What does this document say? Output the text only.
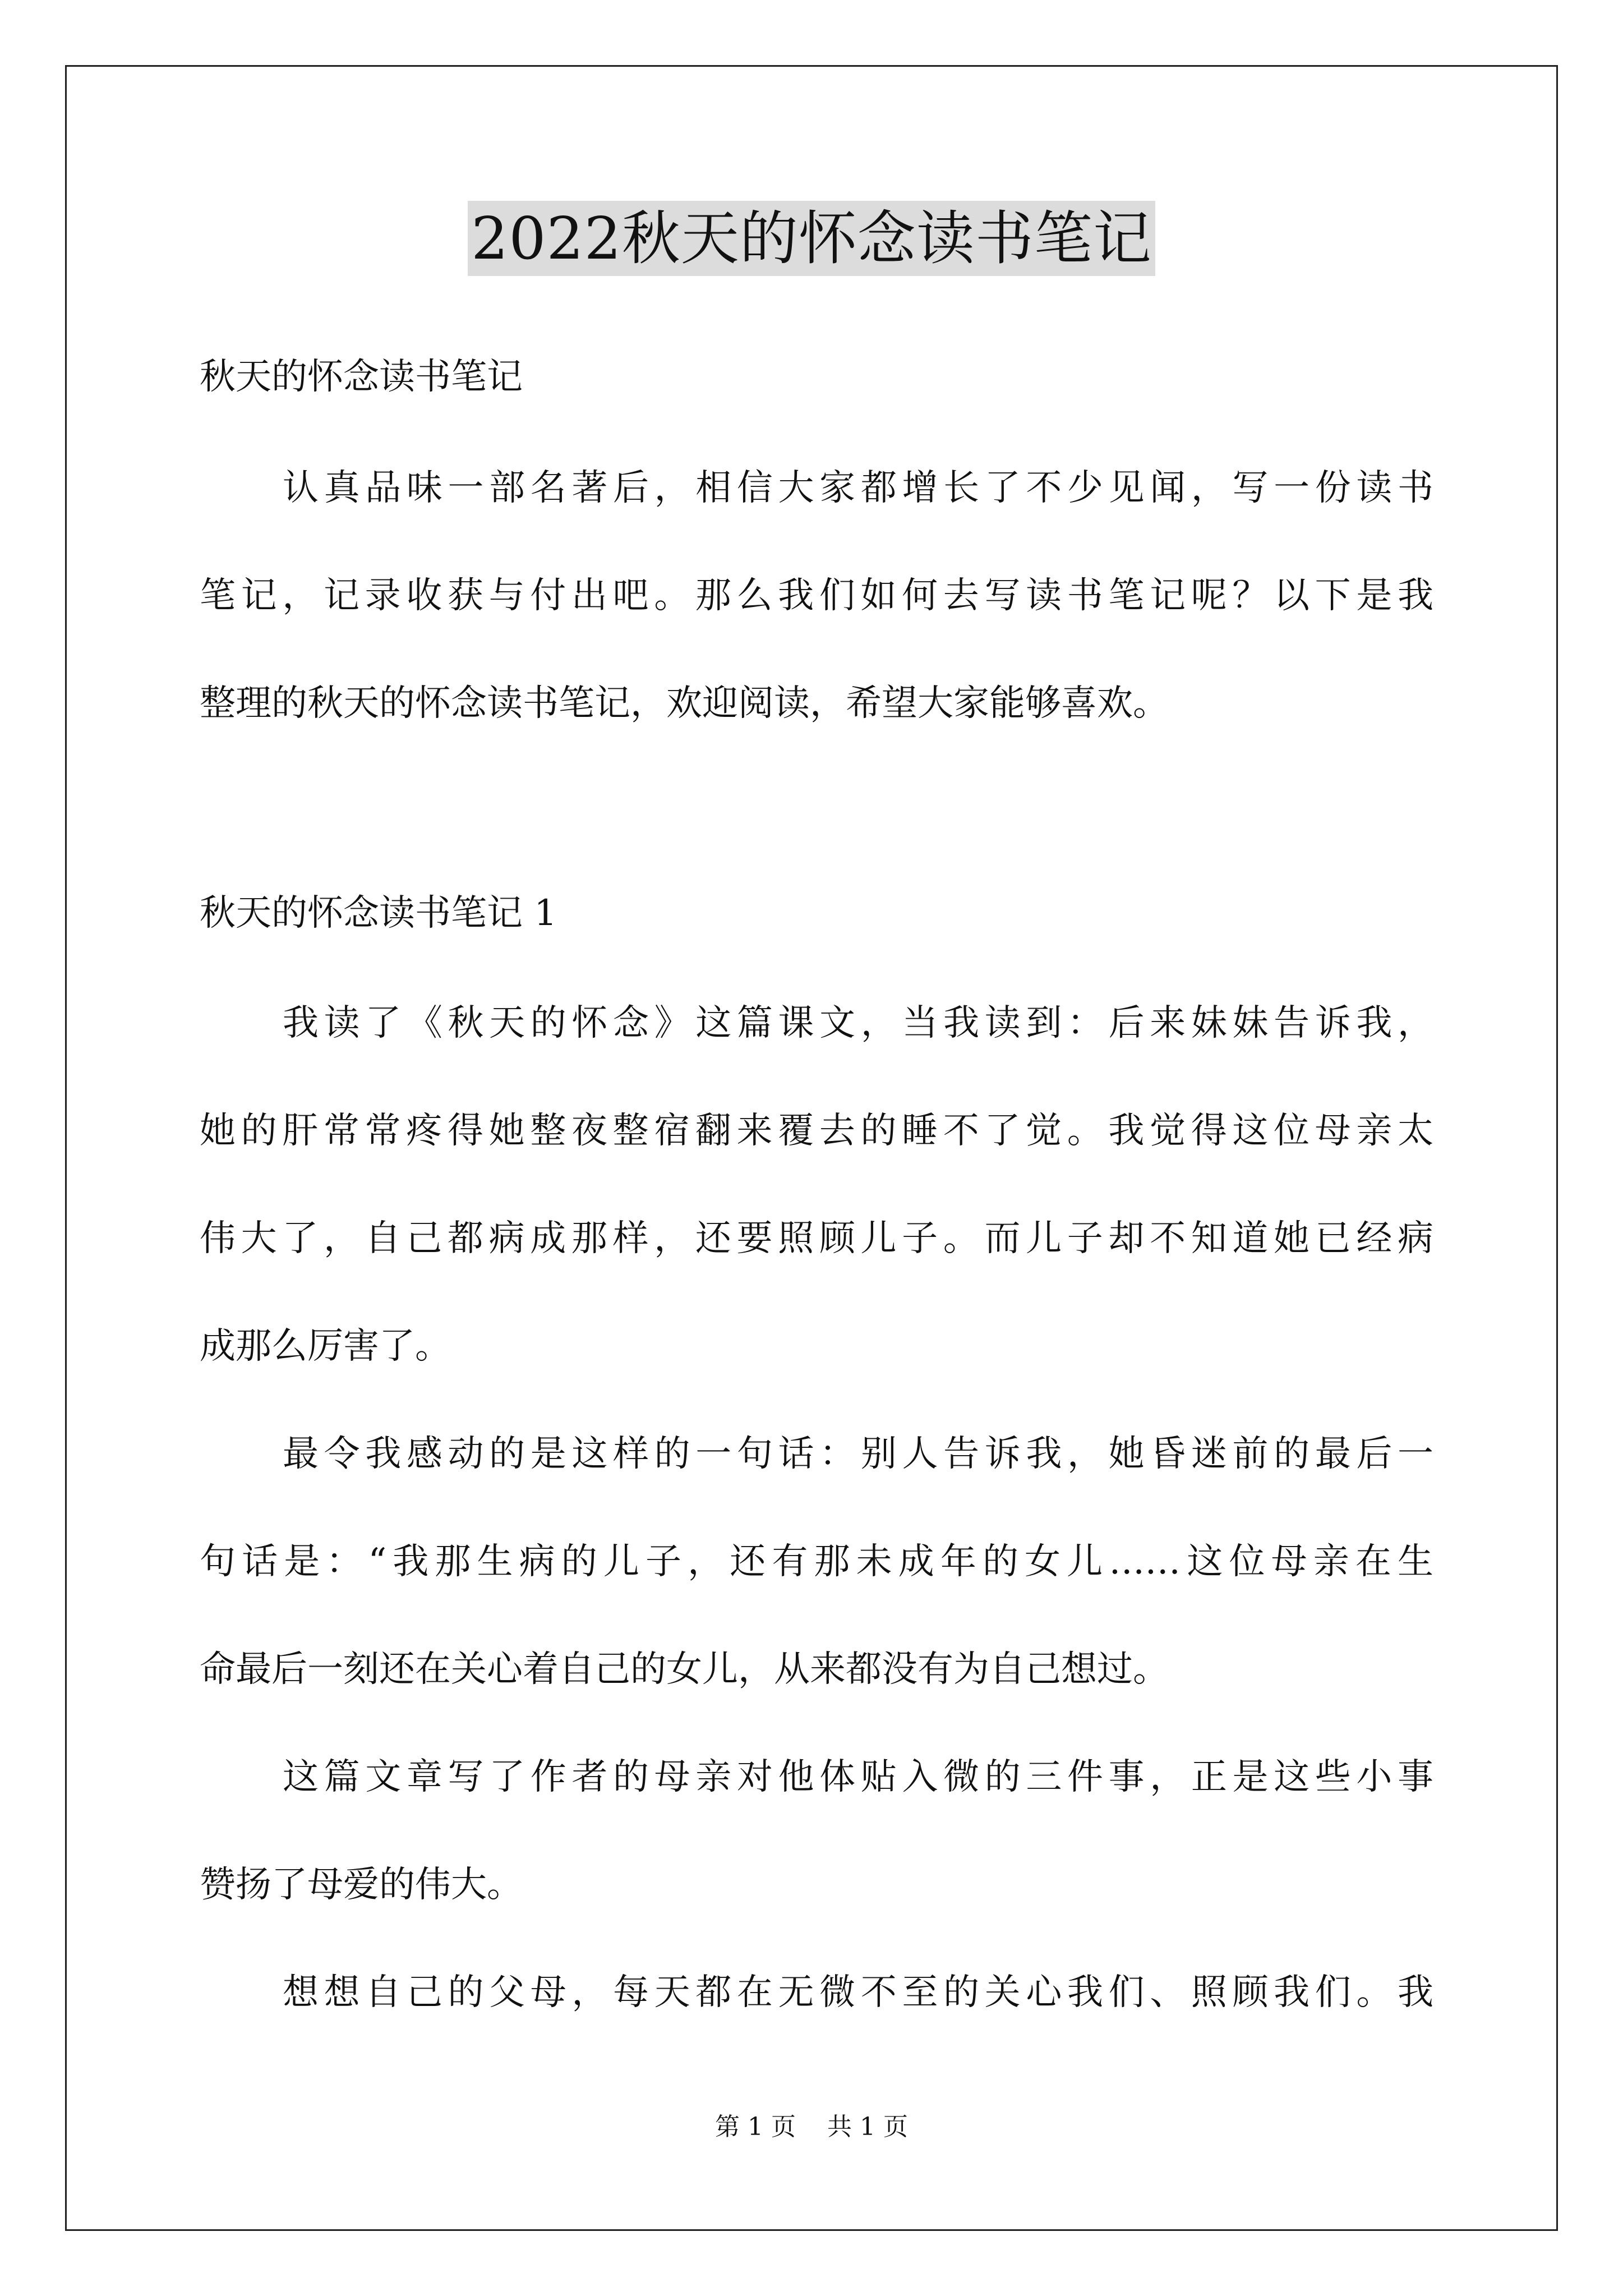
2022秋天的怀念读书笔记
秋天的怀念读书笔记
认真品味一部名著后，相信大家都增长了不少见闻，写一份读书
笔记，记录收获与付出吧。那么我们如何去写读书笔记呢？以下是我
整理的秋天的怀念读书笔记，欢迎阅读，希望大家能够喜欢。
秋天的怀念读书笔记 1
我读了《秋天的怀念》这篇课文，当我读到：后来妹妹告诉我，
她的肝常常疼得她整夜整宿翻来覆去的睡不了觉。我觉得这位母亲太
伟大了，自己都病成那样，还要照顾儿子。而儿子却不知道她已经病
成那么厉害了。
最令我感动的是这样的一句话：别人告诉我，她昏迷前的最后一
句话是：“我那生病的儿子，还有那未成年的女儿……这位母亲在生
命最后一刻还在关心着自己的女儿，从来都没有为自己想过。
这篇文章写了作者的母亲对他体贴入微的三件事，正是这些小事
赞扬了母爱的伟大。
想想自己的父母，每天都在无微不至的关心我们、照顾我们。我
第 1 页 共 1 页
